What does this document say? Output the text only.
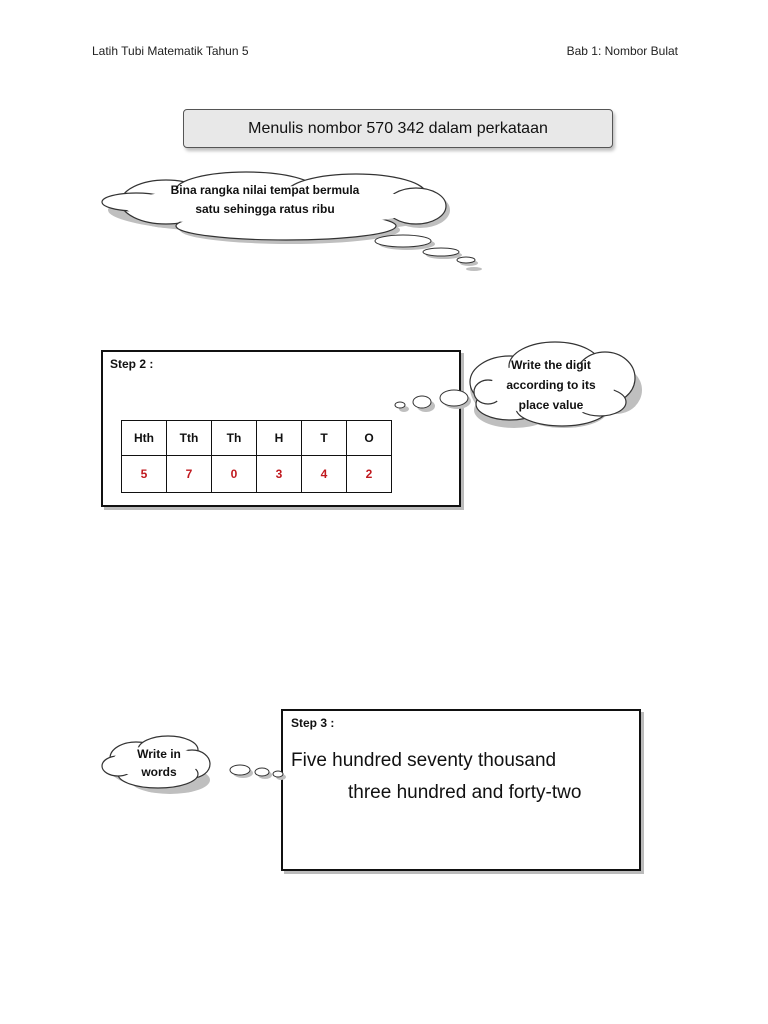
Latih Tubi Matematik Tahun 5	Bab 1: Nombor Bulat
Menulis nombor 570 342 dalam perkataan
Bina rangka nilai tempat bermula
satu sehingga ratus ribu
Step 2 :
Hth	Tth	Th	H	T	O
5	7	0	3	4	2
Write the digit
according to its
place value
Step 3 :
Five hundred seventy thousand
three hundred and forty-two
Write in
words
